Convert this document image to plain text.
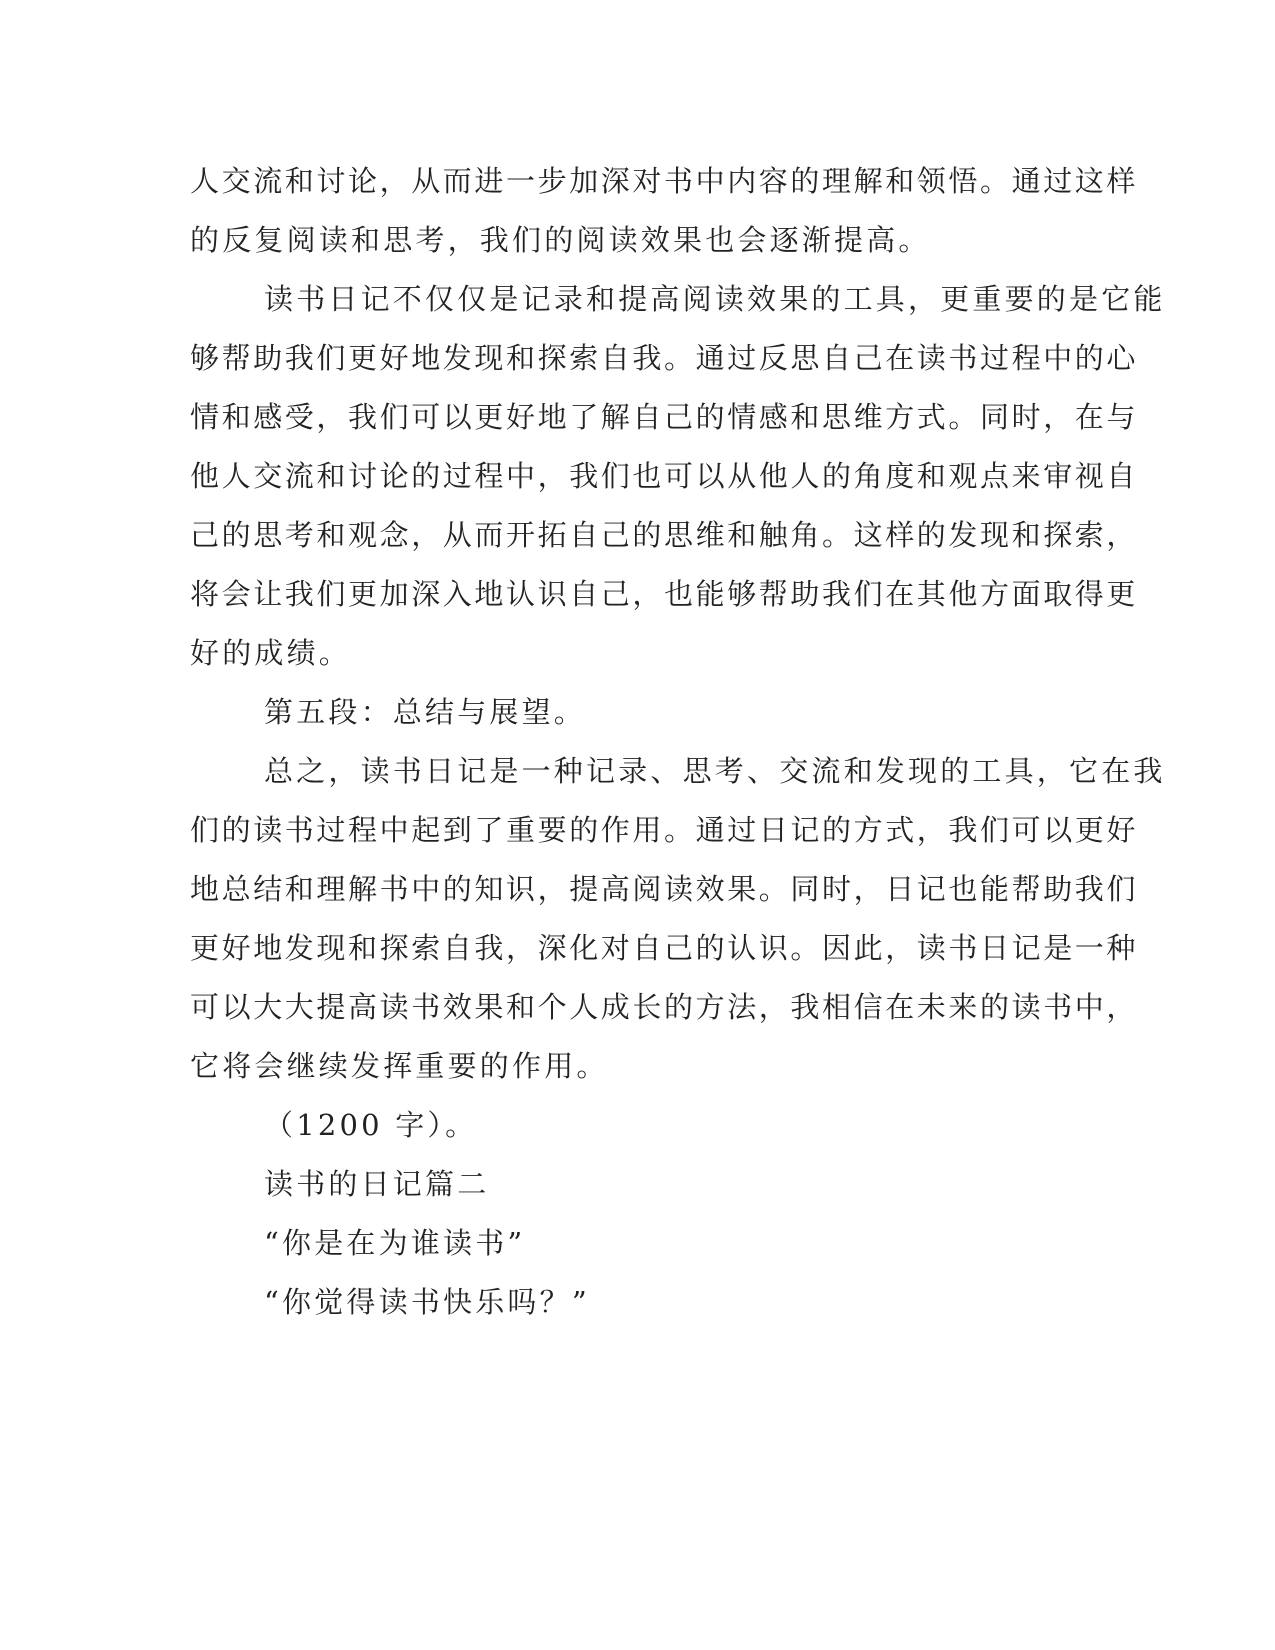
人交流和讨论，从而进一步加深对书中内容的理解和领悟。通过这样

的反复阅读和思考，我们的阅读效果也会逐渐提高。

读书日记不仅仅是记录和提高阅读效果的工具，更重要的是它能

够帮助我们更好地发现和探索自我。通过反思自己在读书过程中的心

情和感受，我们可以更好地了解自己的情感和思维方式。同时，在与

他人交流和讨论的过程中，我们也可以从他人的角度和观点来审视自

己的思考和观念，从而开拓自己的思维和触角。这样的发现和探索，

将会让我们更加深入地认识自己，也能够帮助我们在其他方面取得更

好的成绩。

第五段：总结与展望。

总之，读书日记是一种记录、思考、交流和发现的工具，它在我

们的读书过程中起到了重要的作用。通过日记的方式，我们可以更好

地总结和理解书中的知识，提高阅读效果。同时，日记也能帮助我们

更好地发现和探索自我，深化对自己的认识。因此，读书日记是一种

可以大大提高读书效果和个人成长的方法，我相信在未来的读书中，

它将会继续发挥重要的作用。

（1200 字）。

读书的日记篇二

“你是在为谁读书”

“你觉得读书快乐吗？”
